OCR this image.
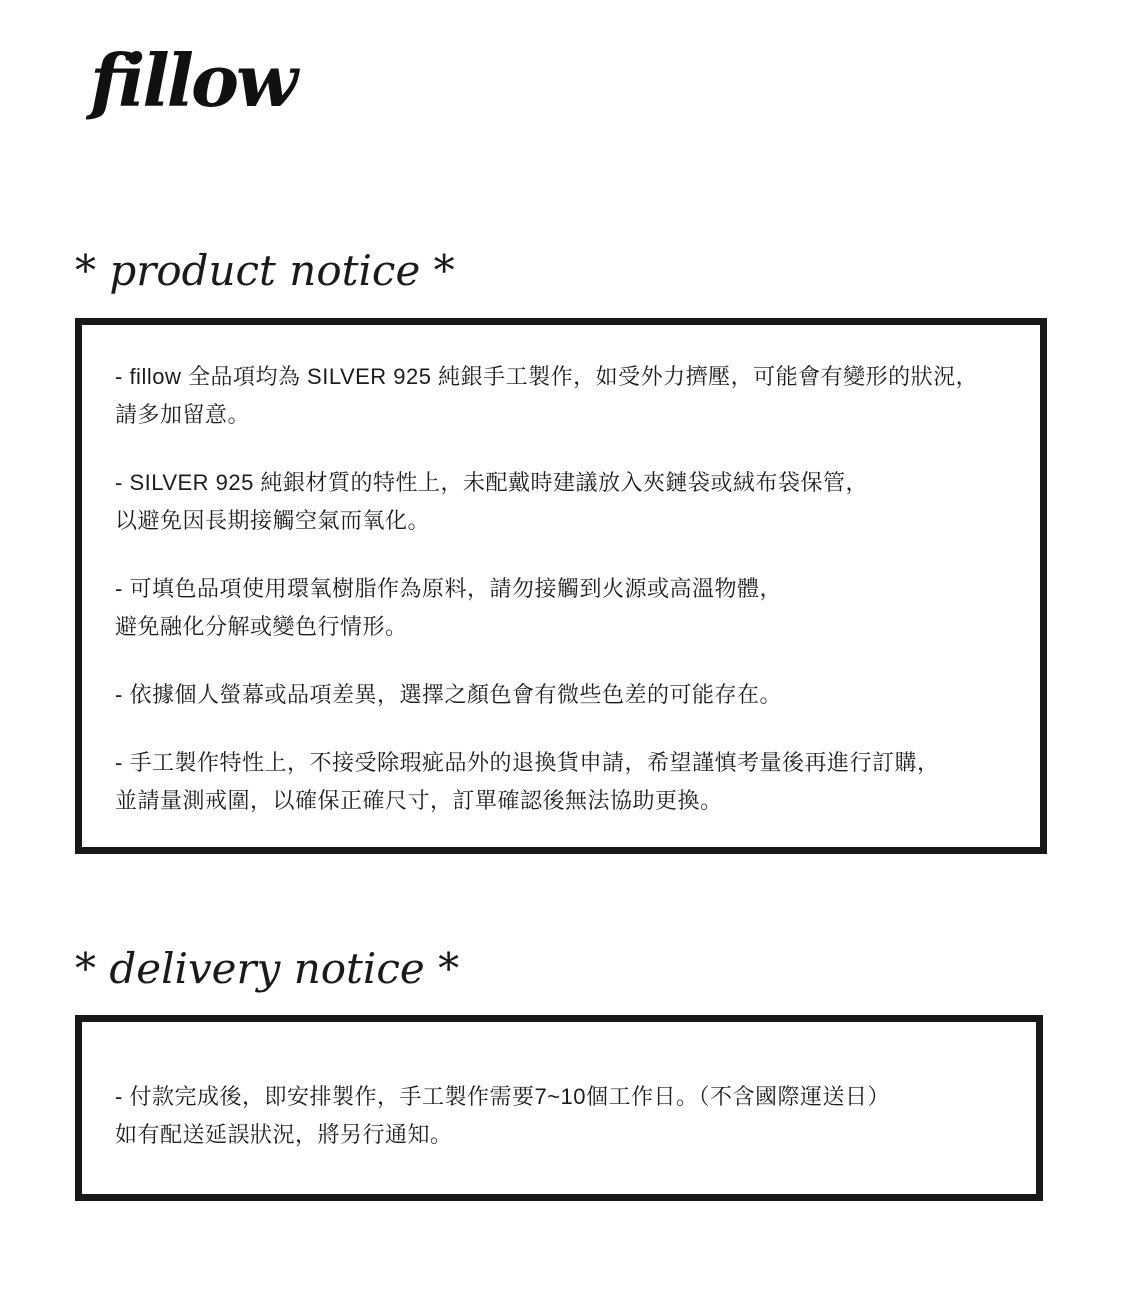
fillow
* product notice *

- fillow 全品項均為 SILVER 925 純銀手工製作，如受外力擠壓，可能會有變形的狀況，
請多加留意。

- SILVER 925 純銀材質的特性上，未配戴時建議放入夾鏈袋或絨布袋保管，
以避免因長期接觸空氣而氧化。

- 可填色品項使用環氧樹脂作為原料，請勿接觸到火源或高溫物體，
避免融化分解或變色行情形。

- 依據個人螢幕或品項差異，選擇之顏色會有微些色差的可能存在。

- 手工製作特性上，不接受除瑕疵品外的退換貨申請，希望謹慎考量後再進行訂購，
並請量測戒圍，以確保正確尺寸，訂單確認後無法協助更換。

* delivery notice *

- 付款完成後，即安排製作，手工製作需要7~10個工作日。（不含國際運送日）
如有配送延誤狀況，將另行通知。
